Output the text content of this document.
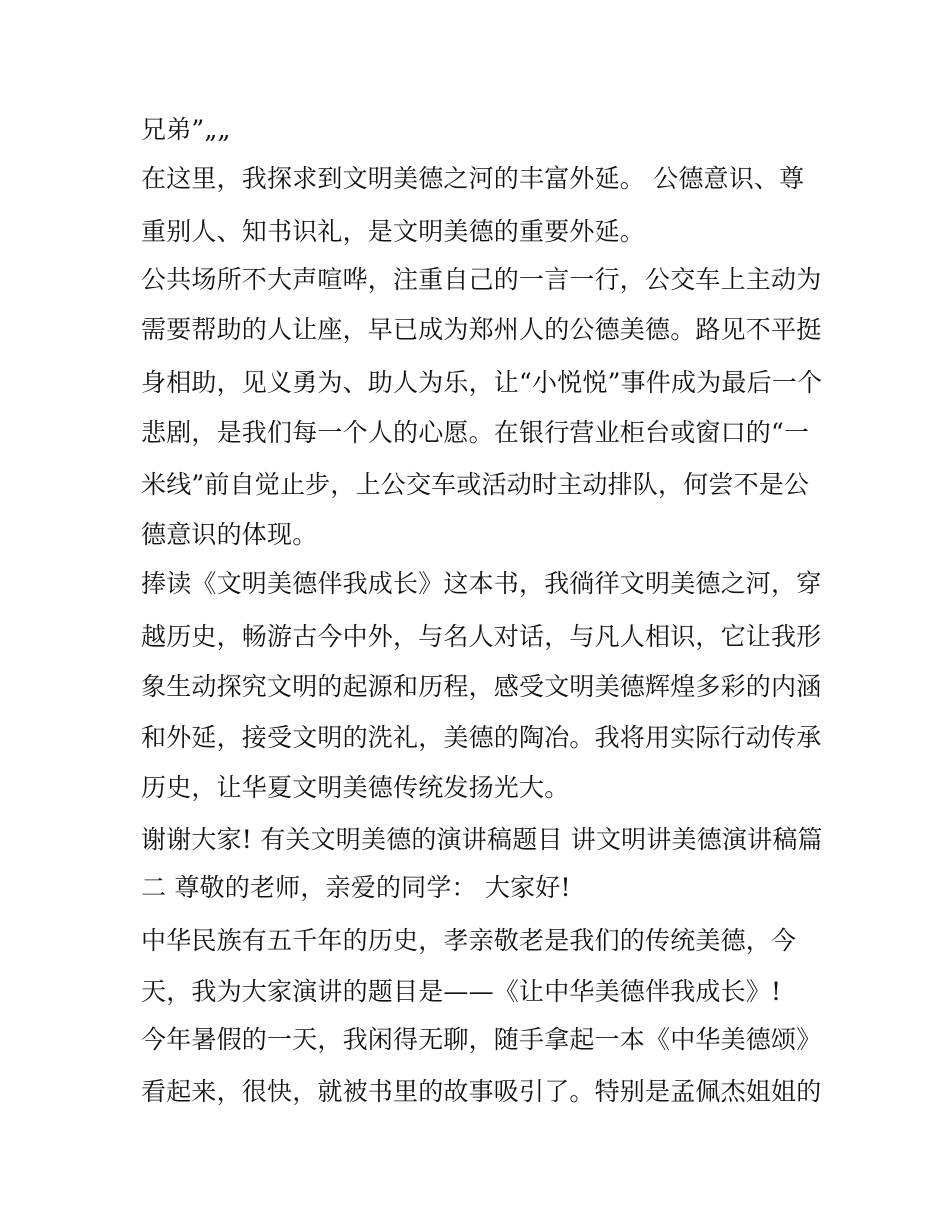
兄弟”„„

在这里，我探求到文明美德之河的丰富外延。 公德意识、尊

重别人、知书识礼，是文明美德的重要外延。

公共场所不大声喧哗，注重自己的一言一行，公交车上主动为

需要帮助的人让座，早已成为郑州人的公德美德。路见不平挺

身相助，见义勇为、助人为乐，让“小悦悦”事件成为最后一个

悲剧，是我们每一个人的心愿。在银行营业柜台或窗口的“一

米线”前自觉止步，上公交车或活动时主动排队，何尝不是公

德意识的体现。

捧读《文明美德伴我成长》这本书，我徜徉文明美德之河，穿

越历史，畅游古今中外，与名人对话，与凡人相识，它让我形

象生动探究文明的起源和历程，感受文明美德辉煌多彩的内涵

和外延，接受文明的洗礼，美德的陶冶。我将用实际行动传承

历史，让华夏文明美德传统发扬光大。

谢谢大家! 有关文明美德的演讲稿题目 讲文明讲美德演讲稿篇

二 尊敬的老师，亲爱的同学： 大家好!

中华民族有五千年的历史，孝亲敬老是我们的传统美德，今

天，我为大家演讲的题目是——《让中华美德伴我成长》!

今年暑假的一天，我闲得无聊，随手拿起一本《中华美德颂》

看起来，很快，就被书里的故事吸引了。特别是孟佩杰姐姐的
